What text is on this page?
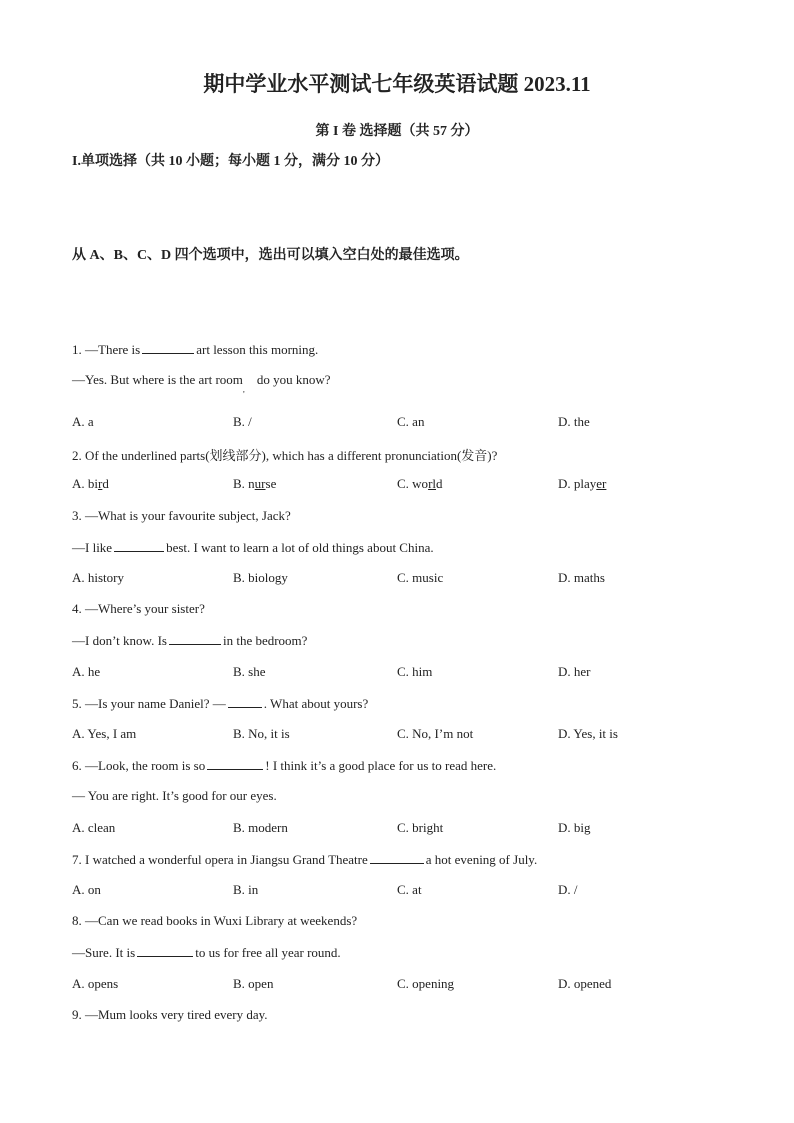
期中学业水平测试七年级英语试题 2023.11
第 I 卷 选择题（共 57 分）
I.单项选择（共 10 小题；每小题 1 分，满分 10 分）
从 A、B、C、D 四个选项中，选出可以填入空白处的最佳选项。
1. —There is	art lesson this morning.
—Yes. But where is the art room,do you know?
A. a	B. /	C. an	D. the
2. Of the underlined parts(划线部分), which has a different pronunciation(发音)?
A. bird	B. nurse	C. world	D. player
3. —What is your favourite subject, Jack?
—I like	best. I want to learn a lot of old things about China.
A. history	B. biology	C. music	D. maths
4. —Where’s your sister?
—I don’t know. Is	in the bedroom?
A. he	B. she	C. him	D. her
5. —Is your name Daniel? —	. What about yours?
A. Yes, I am	B. No, it is	C. No, I’m not	D. Yes, it is
6. —Look, the room is so	! I think it’s a good place for us to read here.
— You are right. It’s good for our eyes.
A. clean	B. modern	C. bright	D. big
7. I watched a wonderful opera in Jiangsu Grand Theatre	a hot evening of July.
A. on	B. in	C. at	D. /
8. —Can we read books in Wuxi Library at weekends?
—Sure. It is	to us for free all year round.
A. opens	B. open	C. opening	D. opened
9. —Mum looks very tired every day.
